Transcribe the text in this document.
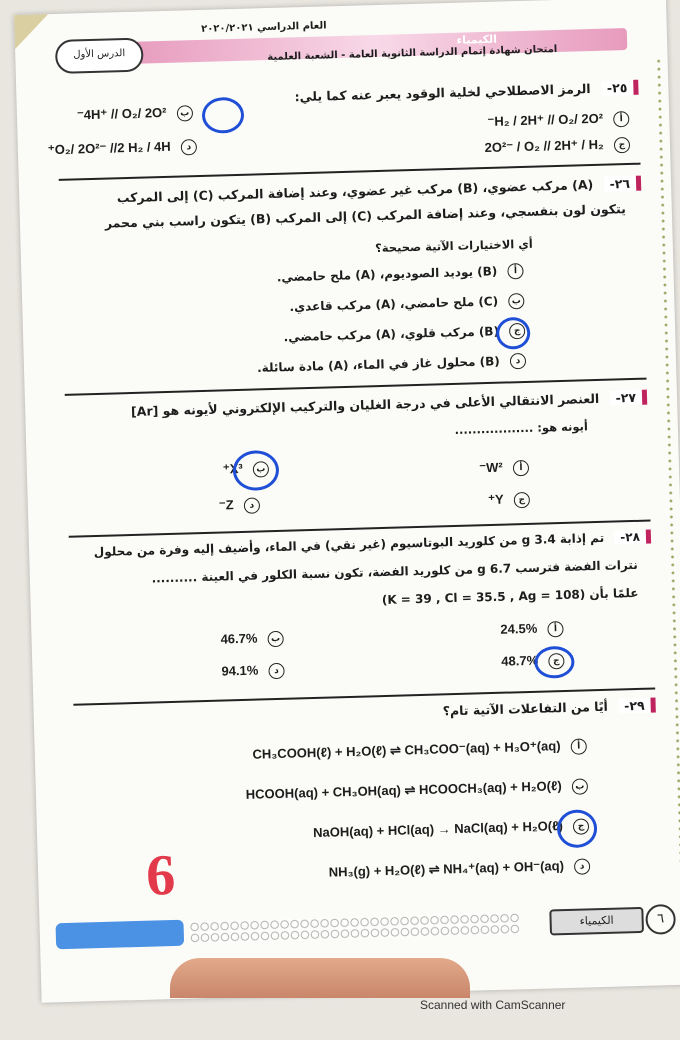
العام الدراسي ٢٠٢٠/٢٠٢١
الكيمياء
امتحان شهادة إتمام الدراسة الثانوية العامة - الشعبة العلمية
الدرس الأول
٢٥- الرمز الاصطلاحي لخلية الوقود يعبر عنه كما يلي:
أ H₂ / 2H⁺ // O₂/ 2O²⁻
ب 4H⁺ // O₂/ 2O²⁻
ج 2O²⁻ / O₂ // 2H⁺ / H₂
د O₂/ 2O²⁻ //2 H₂ / 4H⁺
٢٦- (A) مركب عضوي، (B) مركب غير عضوي، وعند إضافة المركب (C) إلى المركب
يتكون لون بنفسجي، وعند إضافة المركب (C) إلى المركب (B) يتكون راسب بني محمر
أي الاختيارات الآتية صحيحة؟
أ (B) يوديد الصوديوم، (A) ملح حامضي.
ب (C) ملح حامضي، (A) مركب قاعدي.
ج (B) مركب قلوي، (A) مركب حامضي.
د (B) محلول غاز في الماء، (A) مادة سائلة.
٢٧- العنصر الانتقالي الأعلى في درجة الغليان والتركيب الإلكتروني لأيونه هو [Ar]
أيونه هو: ..................
أ W²⁻
ب X³⁺
ج Y⁺
د Z⁻
٢٨- تم إذابة 3.4 g من كلوريد البوتاسيوم (غير نقي) في الماء، وأضيف إليه وفرة من محلول
نترات الفضة فترسب 6.7 g من كلوريد الفضة، تكون نسبة الكلور في العينة ..........
علمًا بأن (K = 39 , Cl = 35.5 , Ag = 108)
أ 24.5%
ب 46.7%
ج 48.7%
د 94.1%
٢٩- أيًا من التفاعلات الآتية تام؟
أ CH₃COOH(ℓ) + H₂O(ℓ) ⇌ CH₃COO⁻(aq) + H₃O⁺(aq)
ب HCOOH(aq) + CH₃OH(aq) ⇌ HCOOCH₃(aq) + H₂O(ℓ)
ج NaOH(aq) + HCl(aq) → NaCl(aq) + H₂O(ℓ)
د NH₃(g) + H₂O(ℓ) ⇌ NH₄⁺(aq) + OH⁻(aq)
6
الكيمياء	٦
Scanned with CamScanner
